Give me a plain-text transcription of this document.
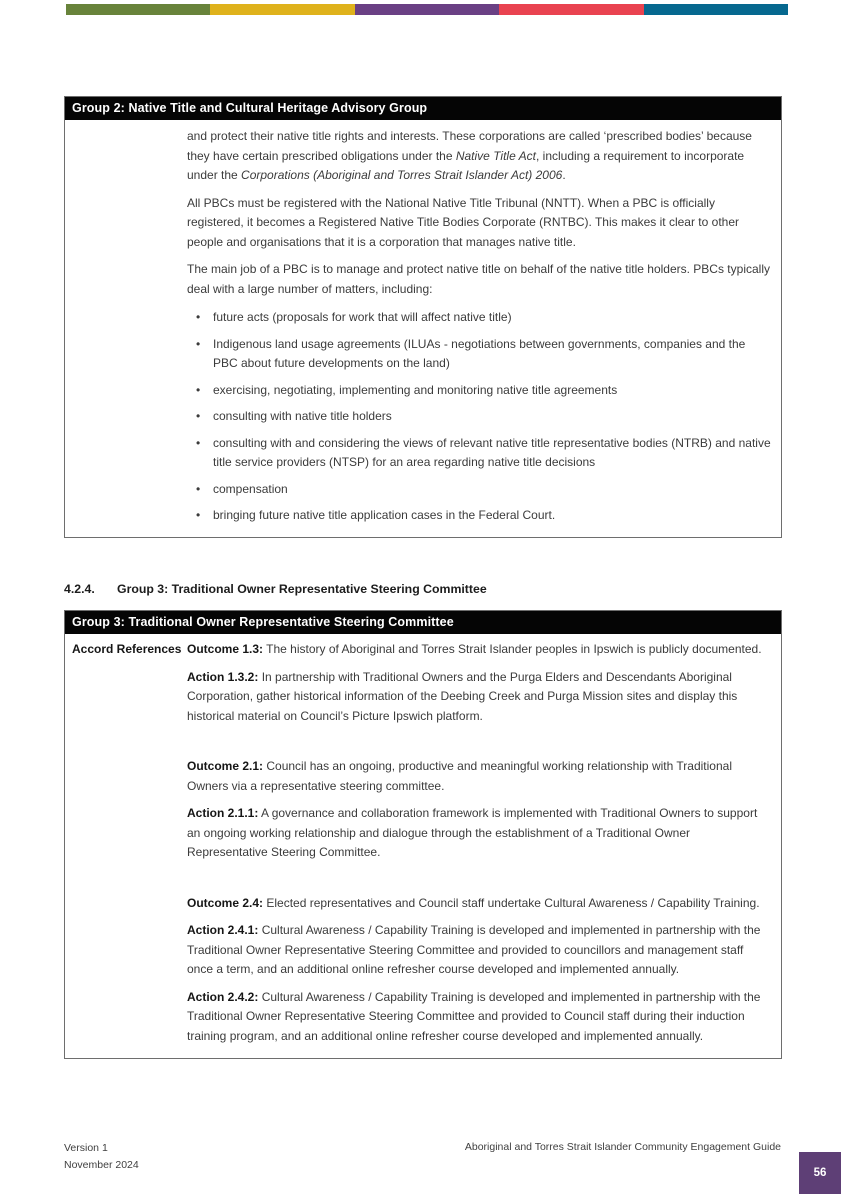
Group 2: Native Title and Cultural Heritage Advisory Group

and protect their native title rights and interests. These corporations are called ‘prescribed bodies’ because they have certain prescribed obligations under the Native Title Act, including a requirement to incorporate under the Corporations (Aboriginal and Torres Strait Islander Act) 2006.

All PBCs must be registered with the National Native Title Tribunal (NNTT). When a PBC is officially registered, it becomes a Registered Native Title Bodies Corporate (RNTBC). This makes it clear to other people and organisations that it is a corporation that manages native title.

The main job of a PBC is to manage and protect native title on behalf of the native title holders. PBCs typically deal with a large number of matters, including:

• future acts (proposals for work that will affect native title)
• Indigenous land usage agreements (ILUAs - negotiations between governments, companies and the PBC about future developments on the land)
• exercising, negotiating, implementing and monitoring native title agreements
• consulting with native title holders
• consulting with and considering the views of relevant native title representative bodies (NTRB) and native title service providers (NTSP) for an area regarding native title decisions
• compensation
• bringing future native title application cases in the Federal Court.
4.2.4. Group 3: Traditional Owner Representative Steering Committee
Group 3: Traditional Owner Representative Steering Committee
Accord References Outcome 1.3: The history of Aboriginal and Torres Strait Islander peoples in Ipswich is publicly documented.

Action 1.3.2: In partnership with Traditional Owners and the Purga Elders and Descendants Aboriginal Corporation, gather historical information of the Deebing Creek and Purga Mission sites and display this historical material on Council’s Picture Ipswich platform.

Outcome 2.1: Council has an ongoing, productive and meaningful working relationship with Traditional Owners via a representative steering committee.

Action 2.1.1: A governance and collaboration framework is implemented with Traditional Owners to support an ongoing working relationship and dialogue through the establishment of a Traditional Owner Representative Steering Committee.

Outcome 2.4: Elected representatives and Council staff undertake Cultural Awareness / Capability Training.

Action 2.4.1: Cultural Awareness / Capability Training is developed and implemented in partnership with the Traditional Owner Representative Steering Committee and provided to councillors and management staff once a term, and an additional online refresher course developed and implemented annually.

Action 2.4.2: Cultural Awareness / Capability Training is developed and implemented in partnership with the Traditional Owner Representative Steering Committee and provided to Council staff during their induction training program, and an additional online refresher course developed and implemented annually.

Version 1
November 2024
Aboriginal and Torres Strait Islander Community Engagement Guide
56
